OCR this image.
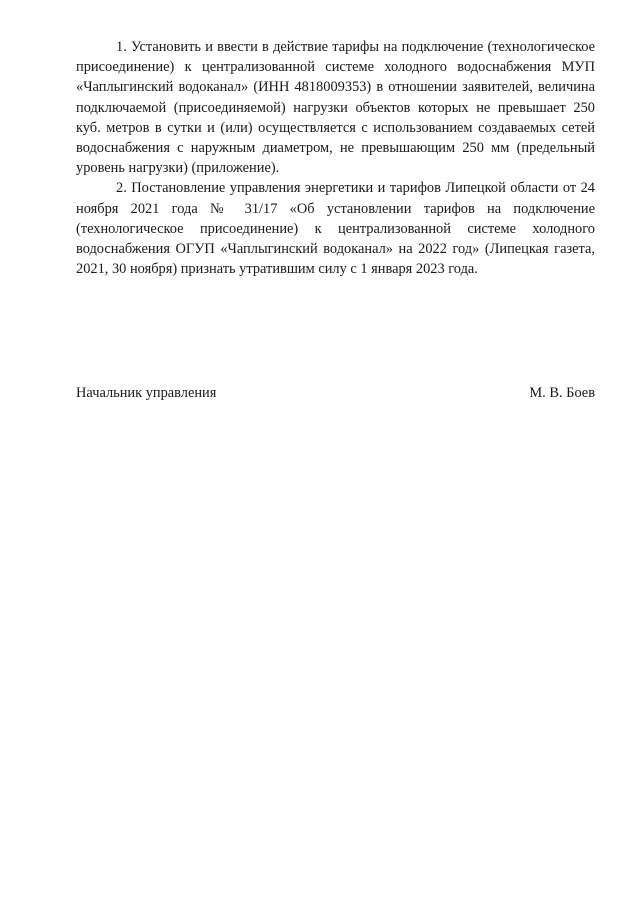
1. Установить и ввести в действие тарифы на подключение (технологическое присоединение) к централизованной системе холодного водоснабжения МУП «Чаплыгинский водоканал» (ИНН 4818009353) в отношении заявителей, величина подключаемой (присоединяемой) нагрузки объектов которых не превышает 250 куб. метров в сутки и (или) осуществляется с использованием создаваемых сетей водоснабжения с наружным диаметром, не превышающим 250 мм (предельный уровень нагрузки) (приложение).

2. Постановление управления энергетики и тарифов Липецкой области от 24 ноября 2021 года № 31/17 «Об установлении тарифов на подключение (технологическое присоединение) к централизованной системе холодного водоснабжения ОГУП «Чаплыгинский водоканал» на 2022 год» (Липецкая газета, 2021, 30 ноября) признать утратившим силу с 1 января 2023 года.

Начальник управления	М. В. Боев
